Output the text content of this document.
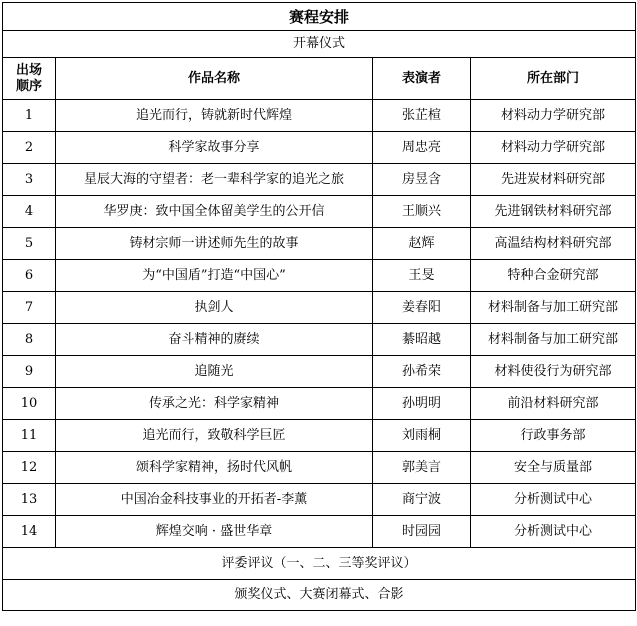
赛程安排			
开幕仪式			
出场
顺序	作品名称	表演者	所在部门
1	追光而行，铸就新时代辉煌	张芷楦	材料动力学研究部
2	科学家故事分享	周忠亮	材料动力学研究部
3	星辰大海的守望者：老一辈科学家的追光之旅	房昱含	先进炭材料研究部
4	华罗庚：致中国全体留美学生的公开信	王顺兴	先进钢铁材料研究部
5	铸材宗师一讲述师先生的故事	赵辉	高温结构材料研究部
6	为“中国盾”打造“中国心”	王旻	特种合金研究部
7	执剑人	姜春阳	材料制备与加工研究部
8	奋斗精神的赓续	綦昭越	材料制备与加工研究部
9	追随光	孙希荣	材料使役行为研究部
10	传承之光：科学家精神	孙明明	前沿材料研究部
11	追光而行，致敬科学巨匠	刘雨桐	行政事务部
12	颂科学家精神，扬时代风帆	郭美言	安全与质量部
13	中国冶金科技事业的开拓者-李薰	商宁波	分析测试中心
14	辉煌交响 · 盛世华章	时园园	分析测试中心
评委评议（一、二、三等奖评议）			
颁奖仪式、大赛闭幕式、合影			
